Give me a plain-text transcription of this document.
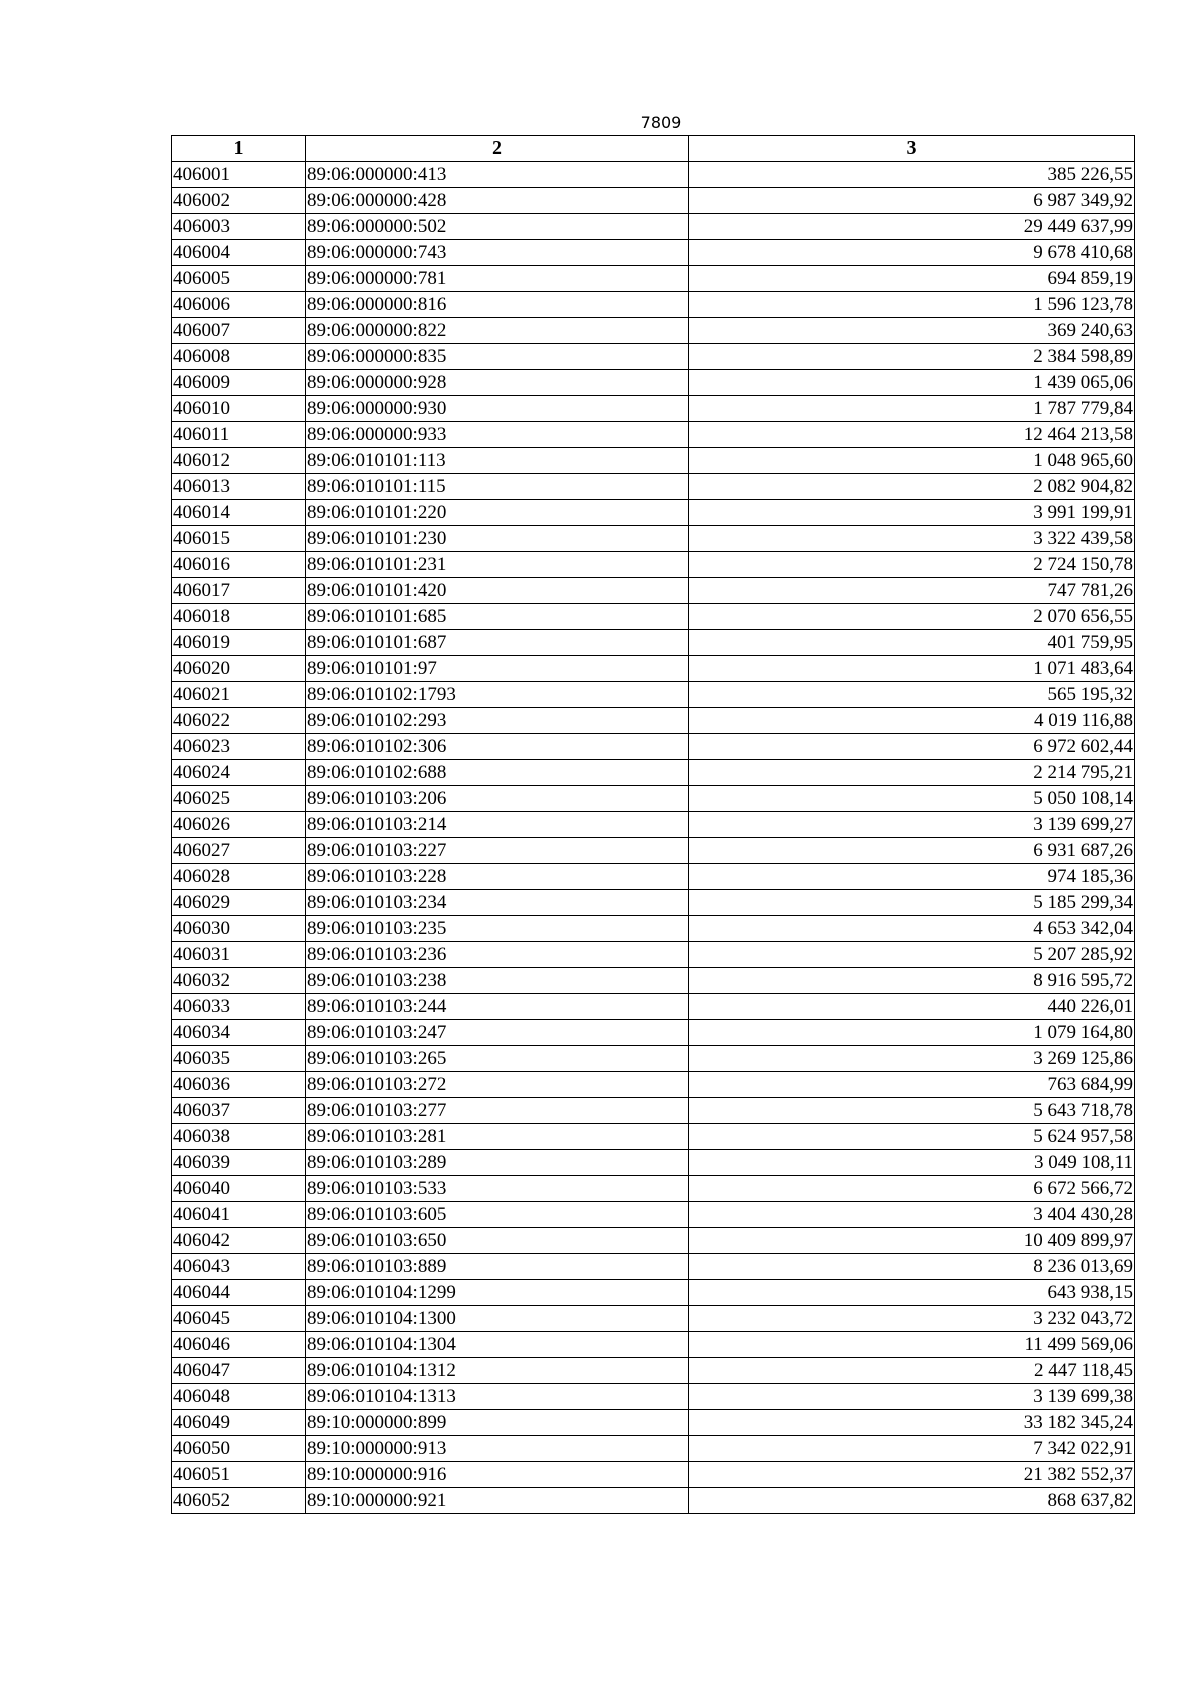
7809
1	2	3
406001	89:06:000000:413	385 226,55
406002	89:06:000000:428	6 987 349,92
406003	89:06:000000:502	29 449 637,99
406004	89:06:000000:743	9 678 410,68
406005	89:06:000000:781	694 859,19
406006	89:06:000000:816	1 596 123,78
406007	89:06:000000:822	369 240,63
406008	89:06:000000:835	2 384 598,89
406009	89:06:000000:928	1 439 065,06
406010	89:06:000000:930	1 787 779,84
406011	89:06:000000:933	12 464 213,58
406012	89:06:010101:113	1 048 965,60
406013	89:06:010101:115	2 082 904,82
406014	89:06:010101:220	3 991 199,91
406015	89:06:010101:230	3 322 439,58
406016	89:06:010101:231	2 724 150,78
406017	89:06:010101:420	747 781,26
406018	89:06:010101:685	2 070 656,55
406019	89:06:010101:687	401 759,95
406020	89:06:010101:97	1 071 483,64
406021	89:06:010102:1793	565 195,32
406022	89:06:010102:293	4 019 116,88
406023	89:06:010102:306	6 972 602,44
406024	89:06:010102:688	2 214 795,21
406025	89:06:010103:206	5 050 108,14
406026	89:06:010103:214	3 139 699,27
406027	89:06:010103:227	6 931 687,26
406028	89:06:010103:228	974 185,36
406029	89:06:010103:234	5 185 299,34
406030	89:06:010103:235	4 653 342,04
406031	89:06:010103:236	5 207 285,92
406032	89:06:010103:238	8 916 595,72
406033	89:06:010103:244	440 226,01
406034	89:06:010103:247	1 079 164,80
406035	89:06:010103:265	3 269 125,86
406036	89:06:010103:272	763 684,99
406037	89:06:010103:277	5 643 718,78
406038	89:06:010103:281	5 624 957,58
406039	89:06:010103:289	3 049 108,11
406040	89:06:010103:533	6 672 566,72
406041	89:06:010103:605	3 404 430,28
406042	89:06:010103:650	10 409 899,97
406043	89:06:010103:889	8 236 013,69
406044	89:06:010104:1299	643 938,15
406045	89:06:010104:1300	3 232 043,72
406046	89:06:010104:1304	11 499 569,06
406047	89:06:010104:1312	2 447 118,45
406048	89:06:010104:1313	3 139 699,38
406049	89:10:000000:899	33 182 345,24
406050	89:10:000000:913	7 342 022,91
406051	89:10:000000:916	21 382 552,37
406052	89:10:000000:921	868 637,82
